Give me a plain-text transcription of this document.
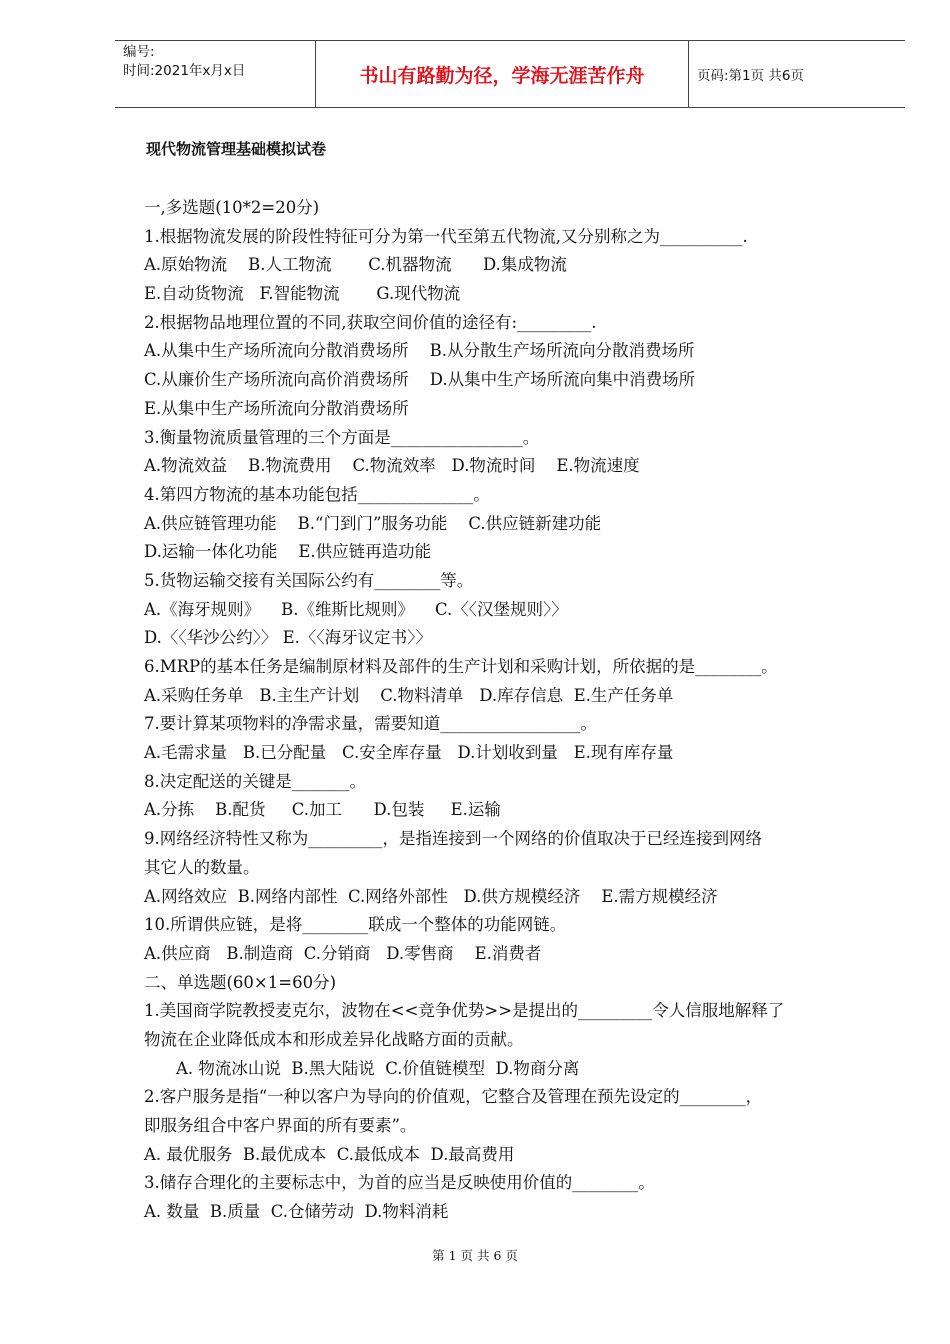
编号:
时间:2021年x月x日	书山有路勤为径，学海无涯苦作舟	页码:第1页 共6页
现代物流管理基础模拟试卷
一,多选题(10*2=20分)
1.根据物流发展的阶段性特征可分为第一代至第五代物流,又分别称之为__________.
A.原始物流    B.人工物流       C.机器物流      D.集成物流
E.自动货物流   F.智能物流       G.现代物流
2.根据物品地理位置的不同,获取空间价值的途径有:_________.
A.从集中生产场所流向分散消费场所    B.从分散生产场所流向分散消费场所
C.从廉价生产场所流向高价消费场所    D.从集中生产场所流向集中消费场所
E.从集中生产场所流向分散消费场所
3.衡量物流质量管理的三个方面是________________。
A.物流效益    B.物流费用    C.物流效率   D.物流时间    E.物流速度
4.第四方物流的基本功能包括______________。
A.供应链管理功能    B.“门到门”服务功能    C.供应链新建功能
D.运输一体化功能    E.供应链再造功能
5.货物运输交接有关国际公约有________等。
A.《海牙规则》    B.《维斯比规则》    C.〈〈汉堡规则〉〉
D.〈〈华沙公约〉〉 E.〈〈海牙议定书〉〉
6.MRP的基本任务是编制原材料及部件的生产计划和采购计划，所依据的是________。
A.采购任务单   B.主生产计划    C.物料清单   D.库存信息  E.生产任务单
7.要计算某项物料的净需求量，需要知道_________________。
A.毛需求量   B.已分配量   C.安全库存量   D.计划收到量   E.现有库存量
8.决定配送的关键是_______。
A.分拣    B.配货     C.加工      D.包装     E.运输
9.网络经济特性又称为_________，是指连接到一个网络的价值取决于已经连接到网络
其它人的数量。
A.网络效应  B.网络内部性  C.网络外部性   D.供方规模经济    E.需方规模经济
10.所谓供应链，是将________联成一个整体的功能网链。
A.供应商   B.制造商  C.分销商   D.零售商    E.消费者
二、单选题(60×1=60分)
1.美国商学院教授麦克尔，波物在<<竞争优势>>是提出的_________令人信服地解释了
物流在企业降低成本和形成差异化战略方面的贡献。
A. 物流冰山说  B.黑大陆说  C.价值链模型  D.物商分离
2.客户服务是指“一种以客户为导向的价值观，它整合及管理在预先设定的________，
即服务组合中客户界面的所有要素”。
A. 最优服务  B.最优成本  C.最低成本  D.最高费用
3.储存合理化的主要标志中，为首的应当是反映使用价值的________。
A. 数量  B.质量  C.仓储劳动  D.物料消耗
第 1 页 共 6 页
